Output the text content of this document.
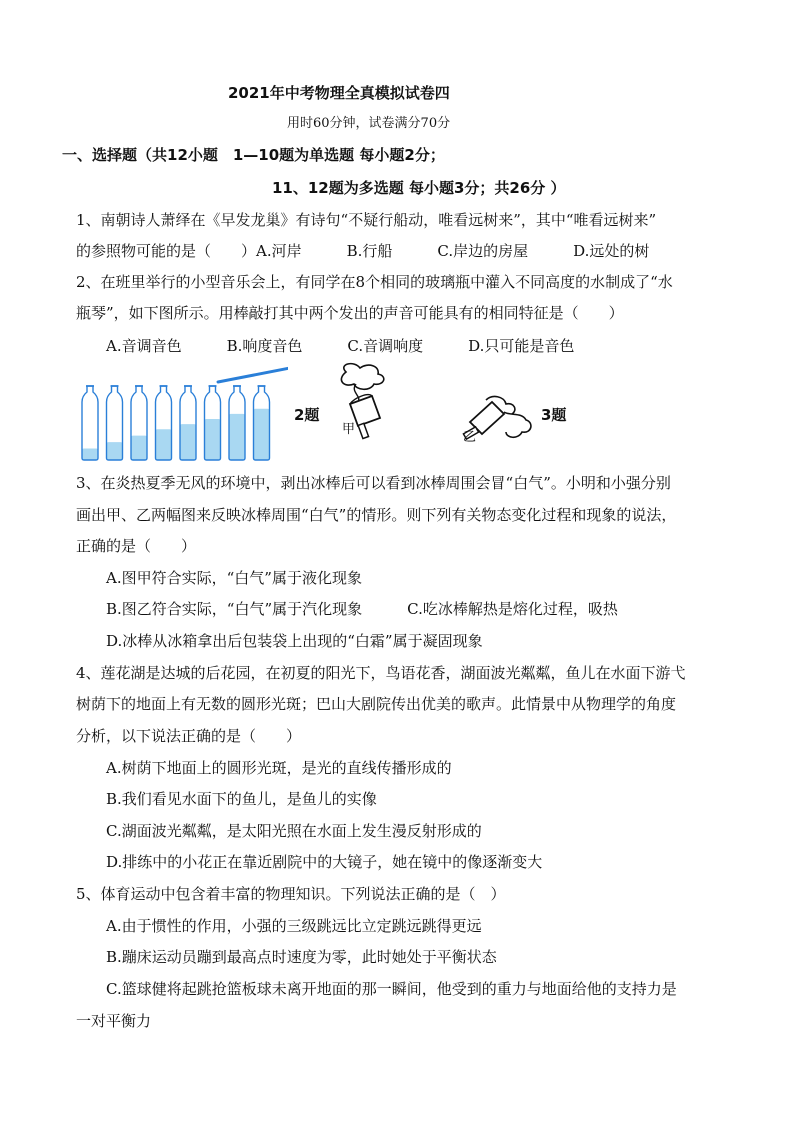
2021年中考物理全真模拟试卷四
用时60分钟，试卷满分70分
一、选择题（共12小题　1—10题为单选题 每小题2分；
11、12题为多选题 每小题3分；共26分 ）
1、南朝诗人萧绎在《早发龙巢》有诗句“不疑行船动，唯看远树来”，其中“唯看远树来”
的参照物可能的是（　　）A.河岸　　　B.行船　　　C.岸边的房屋　　　D.远处的树
2、在班里举行的小型音乐会上，有同学在8个相同的玻璃瓶中灌入不同高度的水制成了“水
瓶琴”，如下图所示。用棒敲打其中两个发出的声音可能具有的相同特征是（　　）
A.音调音色　　　B.响度音色　　　C.音调响度　　　D.只可能是音色
2题
甲
乙
3题
3、在炎热夏季无风的环境中，剥出冰棒后可以看到冰棒周围会冒“白气”。小明和小强分别
画出甲、乙两幅图来反映冰棒周围“白气”的情形。则下列有关物态变化过程和现象的说法，
正确的是（　　）
A.图甲符合实际，“白气”属于液化现象
B.图乙符合实际，“白气”属于汽化现象　　　C.吃冰棒解热是熔化过程，吸热
D.冰棒从冰箱拿出后包装袋上出现的“白霜”属于凝固现象
4、莲花湖是达城的后花园，在初夏的阳光下，鸟语花香，湖面波光粼粼，鱼儿在水面下游弋
树荫下的地面上有无数的圆形光斑；巴山大剧院传出优美的歌声。此情景中从物理学的角度
分析，以下说法正确的是（　　）
A.树荫下地面上的圆形光斑，是光的直线传播形成的
B.我们看见水面下的鱼儿，是鱼儿的实像
C.湖面波光粼粼，是太阳光照在水面上发生漫反射形成的
D.排练中的小花正在靠近剧院中的大镜子，她在镜中的像逐渐变大
5、体育运动中包含着丰富的物理知识。下列说法正确的是（　）
A.由于惯性的作用，小强的三级跳远比立定跳远跳得更远
B.蹦床运动员蹦到最高点时速度为零，此时她处于平衡状态
C.篮球健将起跳抢篮板球未离开地面的那一瞬间，他受到的重力与地面给他的支持力是
一对平衡力
